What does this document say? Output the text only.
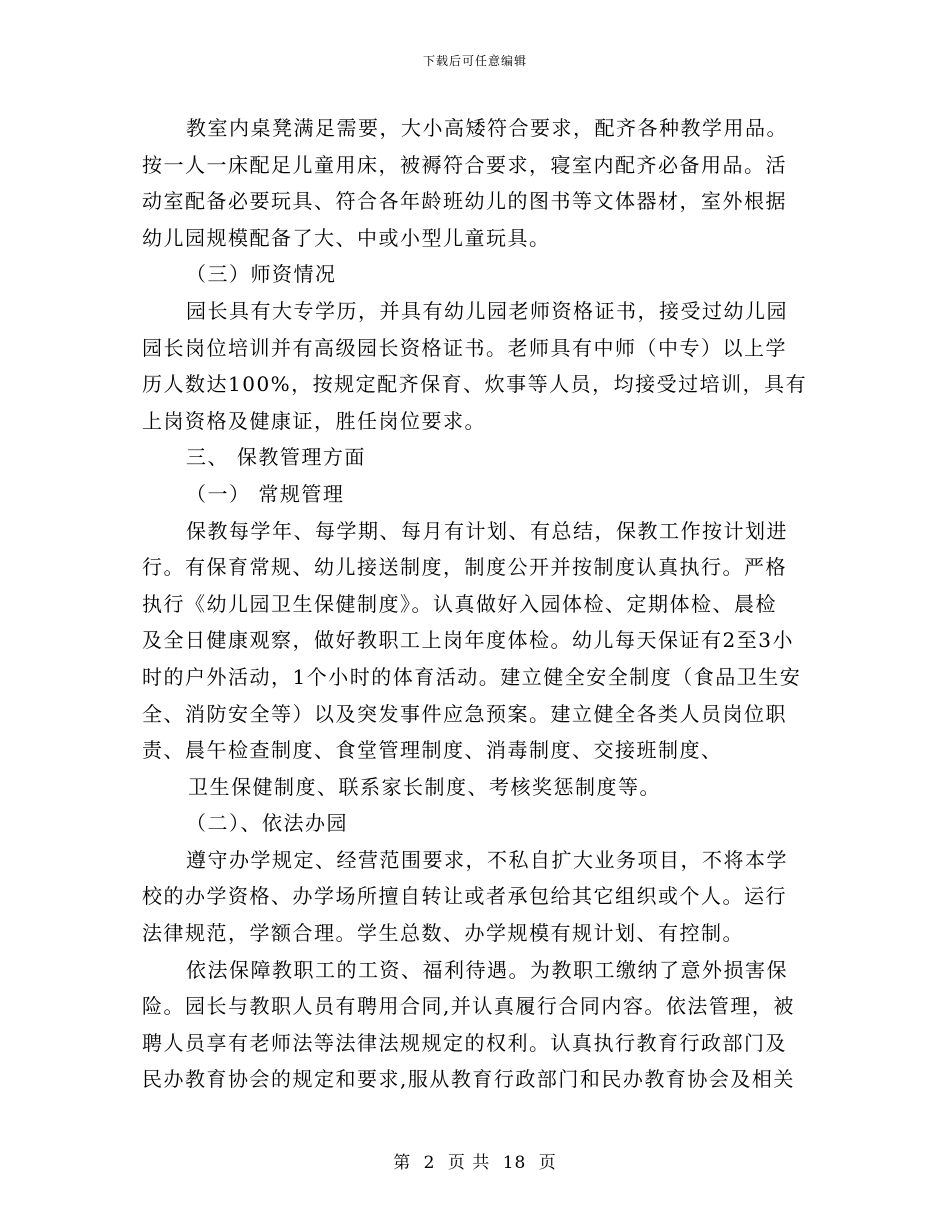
下载后可任意编辑
教室内桌凳满足需要，大小高矮符合要求，配齐各种教学用品。
按一人一床配足儿童用床，被褥符合要求，寝室内配齐必备用品。活
动室配备必要玩具、符合各年龄班幼儿的图书等文体器材，室外根据
幼儿园规模配备了大、中或小型儿童玩具。
（三）师资情况
园长具有大专学历，并具有幼儿园老师资格证书，接受过幼儿园
园长岗位培训并有高级园长资格证书。老师具有中师（中专）以上学
历人数达100%，按规定配齐保育、炊事等人员，均接受过培训，具有
上岗资格及健康证，胜任岗位要求。
三、 保教管理方面
（一） 常规管理
保教每学年、每学期、每月有计划、有总结，保教工作按计划进
行。有保育常规、幼儿接送制度，制度公开并按制度认真执行。严格
执行《幼儿园卫生保健制度》。认真做好入园体检、定期体检、晨检
及全日健康观察，做好教职工上岗年度体检。幼儿每天保证有2至3小
时的户外活动，1个小时的体育活动。建立健全安全制度（食品卫生安
全、消防安全等）以及突发事件应急预案。建立健全各类人员岗位职
责、晨午检查制度、食堂管理制度、消毒制度、交接班制度、
卫生保健制度、联系家长制度、考核奖惩制度等。
（二）、依法办园
遵守办学规定、经营范围要求，不私自扩大业务项目，不将本学
校的办学资格、办学场所擅自转让或者承包给其它组织或个人。运行
法律规范，学额合理。学生总数、办学规模有规计划、有控制。
依法保障教职工的工资、福利待遇。为教职工缴纳了意外损害保
险。园长与教职人员有聘用合同,并认真履行合同内容。依法管理，被
聘人员享有老师法等法律法规规定的权利。认真执行教育行政部门及
民办教育协会的规定和要求,服从教育行政部门和民办教育协会及相关
第 2 页 共 18 页
